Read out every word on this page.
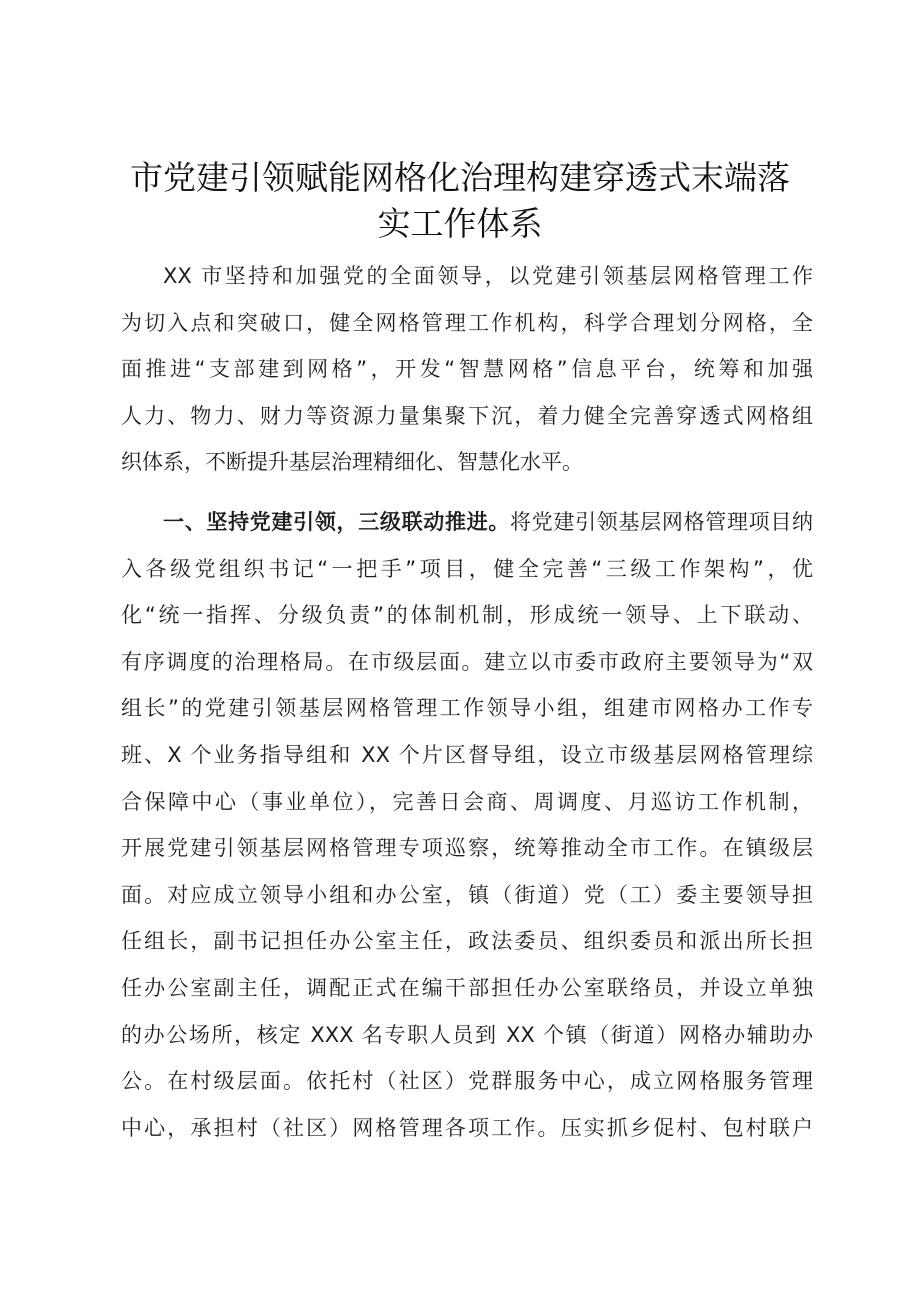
市党建引领赋能网格化治理构建穿透式末端落
实工作体系
XX 市坚持和加强党的全面领导，以党建引领基层网格管理工作
为切入点和突破口，健全网格管理工作机构，科学合理划分网格，全
面推进“支部建到网格”，开发“智慧网格”信息平台，统筹和加强
人力、物力、财力等资源力量集聚下沉，着力健全完善穿透式网格组
织体系，不断提升基层治理精细化、智慧化水平。
一、坚持党建引领，三级联动推进。将党建引领基层网格管理项目纳
入各级党组织书记“一把手”项目，健全完善“三级工作架构”，优
化“统一指挥、分级负责”的体制机制，形成统一领导、上下联动、
有序调度的治理格局。在市级层面。建立以市委市政府主要领导为“双
组长”的党建引领基层网格管理工作领导小组，组建市网格办工作专
班、X 个业务指导组和 XX 个片区督导组，设立市级基层网格管理综
合保障中心（事业单位），完善日会商、周调度、月巡访工作机制，
开展党建引领基层网格管理专项巡察，统筹推动全市工作。在镇级层
面。对应成立领导小组和办公室，镇（街道）党（工）委主要领导担
任组长，副书记担任办公室主任，政法委员、组织委员和派出所长担
任办公室副主任，调配正式在编干部担任办公室联络员，并设立单独
的办公场所，核定 XXX 名专职人员到 XX 个镇（街道）网格办辅助办
公。在村级层面。依托村（社区）党群服务中心，成立网格服务管理
中心，承担村（社区）网格管理各项工作。压实抓乡促村、包村联户
